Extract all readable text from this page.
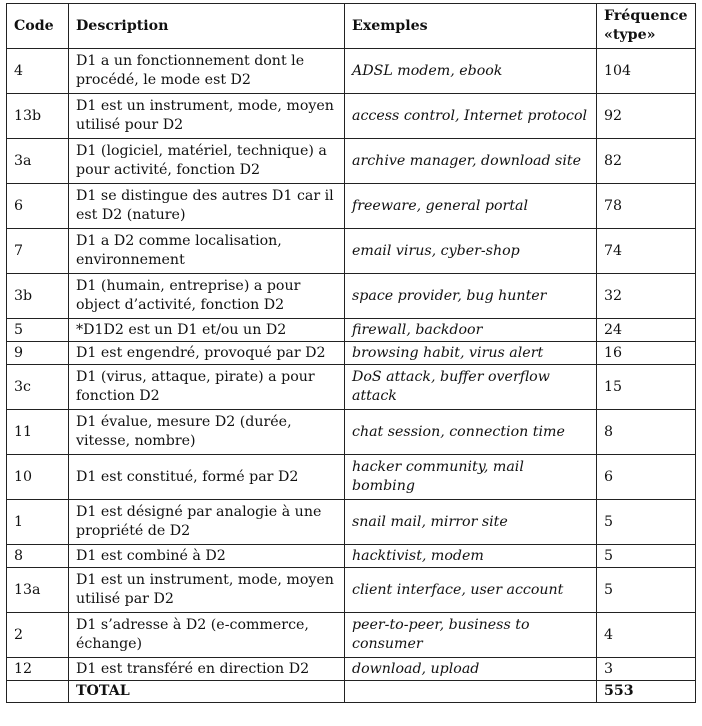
Code	Description	Exemples	Fréquence «type»
4	D1 a un fonctionnement dont le procédé, le mode est D2	ADSL modem, ebook	104
13b	D1 est un instrument, mode, moyen utilisé pour D2	access control, Internet protocol	92
3a	D1 (logiciel, matériel, technique) a pour activité, fonction D2	archive manager, download site	82
6	D1 se distingue des autres D1 car il est D2 (nature)	freeware, general portal	78
7	D1 a D2 comme localisation, environnement	email virus, cyber-shop	74
3b	D1 (humain, entreprise) a pour object d’activité, fonction D2	space provider, bug hunter	32
5	*D1D2 est un D1 et/ou un D2	firewall, backdoor	24
9	D1 est engendré, provoqué par D2	browsing habit, virus alert	16
3c	D1 (virus, attaque, pirate) a pour fonction D2	DoS attack, buffer overflow attack	15
11	D1 évalue, mesure D2 (durée, vitesse, nombre)	chat session, connection time	8
10	D1 est constitué, formé par D2	hacker community, mail bombing	6
1	D1 est désigné par analogie à une propriété de D2	snail mail, mirror site	5
8	D1 est combiné à D2	hacktivist, modem	5
13a	D1 est un instrument, mode, moyen utilisé par D2	client interface, user account	5
2	D1 s’adresse à D2 (e-commerce, échange)	peer-to-peer, business to consumer	4
12	D1 est transféré en direction D2	download, upload	3
	TOTAL		553
